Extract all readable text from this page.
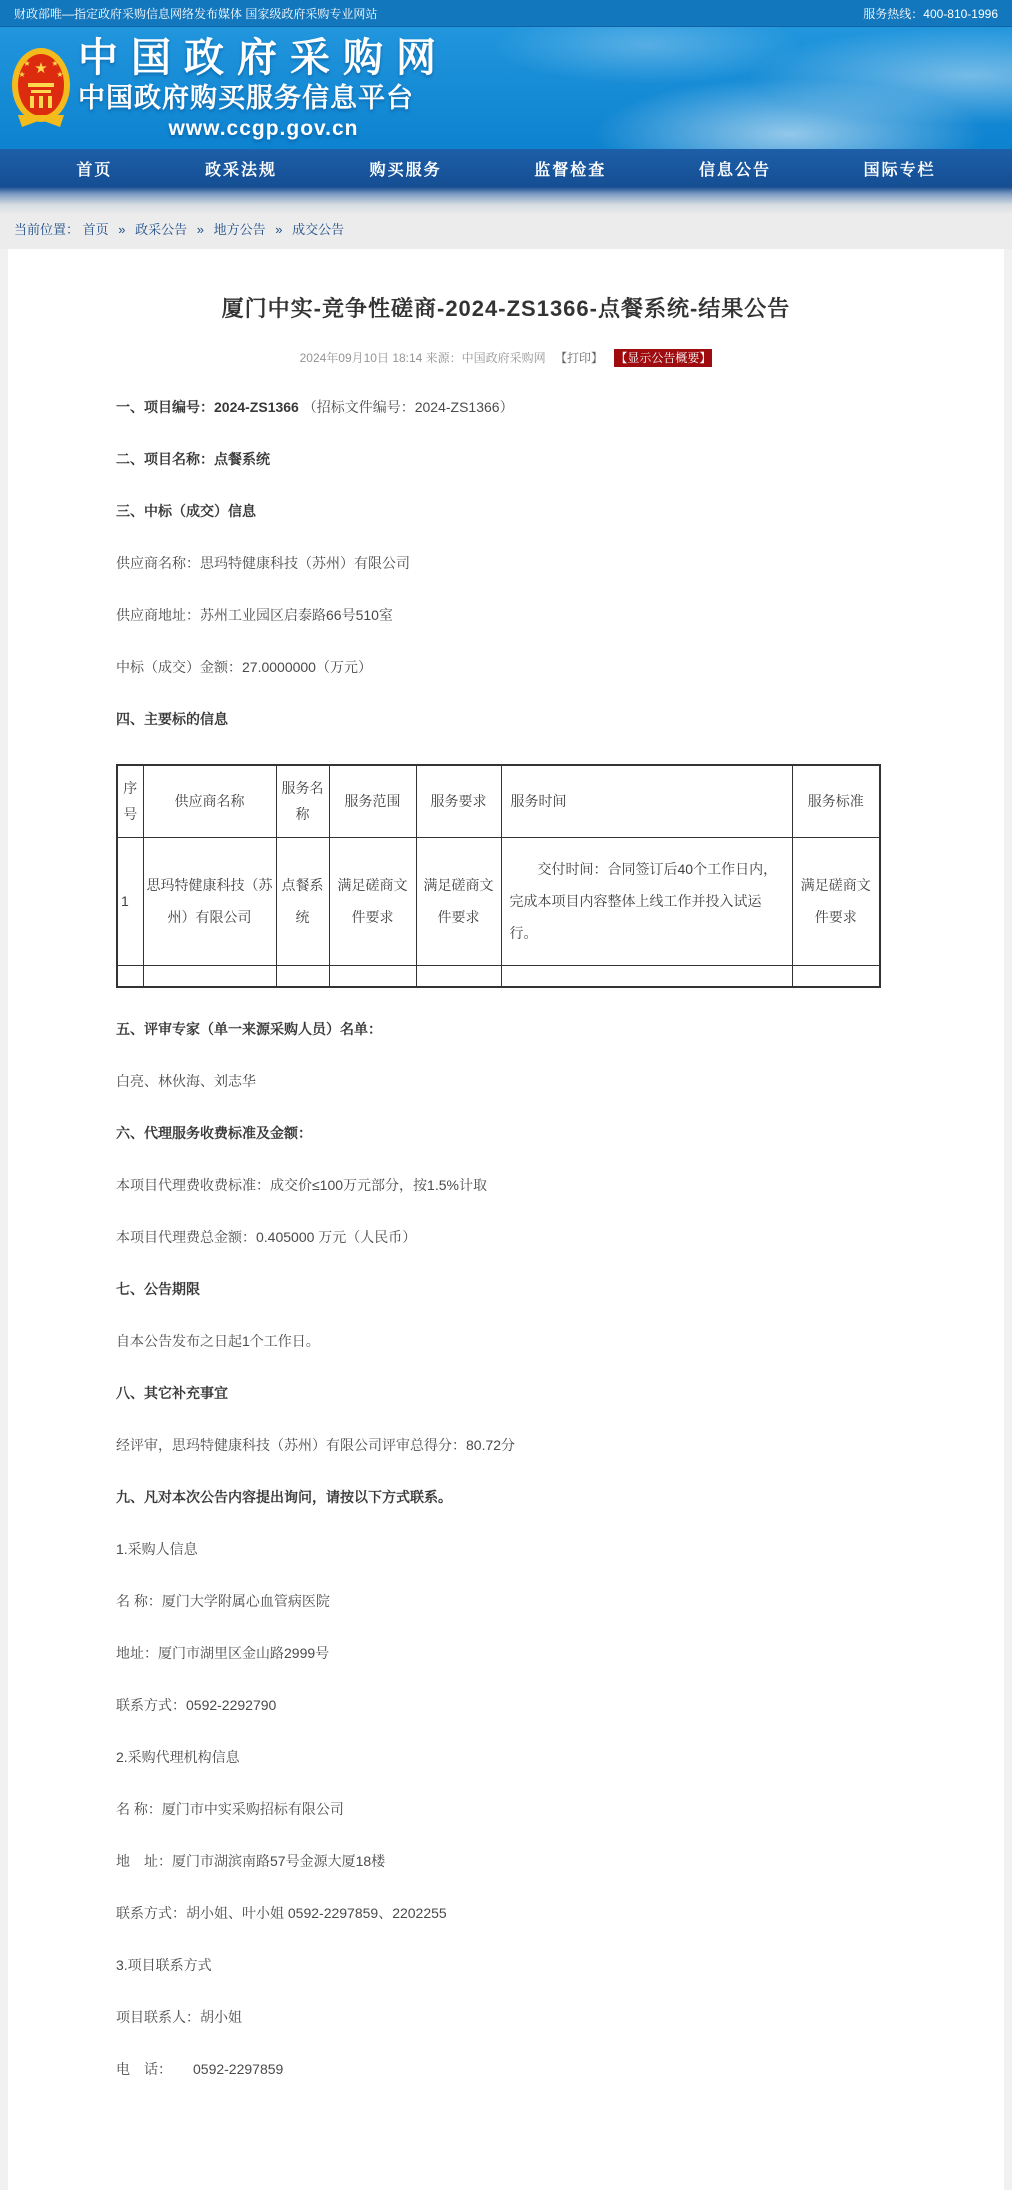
财政部唯—指定政府采购信息网络发布媒体 国家级政府采购专业网站	服务热线：400-810-1996
★
★	★
★	★ 中国政府采购网
中国政府购买服务信息平台
www.ccgp.gov.cn
首页	政采法规	购买服务	监督检查	信息公告	国际专栏
当前位置： 首页 » 政采公告 » 地方公告 » 成交公告
厦门中实-竞争性磋商-2024-ZS1366-点餐系统-结果公告
2024年09月10日 18:14 来源：中国政府采购网 【打印】 【显示公告概要】

一、项目编号：2024-ZS1366 （招标文件编号：2024-ZS1366）

二、项目名称：点餐系统

三、中标（成交）信息

供应商名称：思玛特健康科技（苏州）有限公司

供应商地址：苏州工业园区启泰路66号510室

中标（成交）金额：27.0000000（万元）

四、主要标的信息

序号	供应商名称	服务名称	服务范围	服务要求	服务时间	服务标准
1	思玛特健康科技（苏州）有限公司	点餐系统	满足磋商文件要求	满足磋商文件要求	交付时间：合同签订后40个工作日内，完成本项目内容整体上线工作并投入试运行。	满足磋商文件要求

五、评审专家（单一来源采购人员）名单：

白亮、林伙海、刘志华

六、代理服务收费标准及金额：

本项目代理费收费标准：成交价≤100万元部分，按1.5%计取

本项目代理费总金额：0.405000 万元（人民币）

七、公告期限

自本公告发布之日起1个工作日。

八、其它补充事宜

经评审，思玛特健康科技（苏州）有限公司评审总得分：80.72分

九、凡对本次公告内容提出询问，请按以下方式联系。

1.采购人信息

名 称：厦门大学附属心血管病医院

地址：厦门市湖里区金山路2999号

联系方式：0592-2292790

2.采购代理机构信息

名 称：厦门市中实采购招标有限公司

地　址：厦门市湖滨南路57号金源大厦18楼

联系方式：胡小姐、叶小姐 0592-2297859、2202255

3.项目联系方式

项目联系人：胡小姐

电　话：　　0592-2297859
